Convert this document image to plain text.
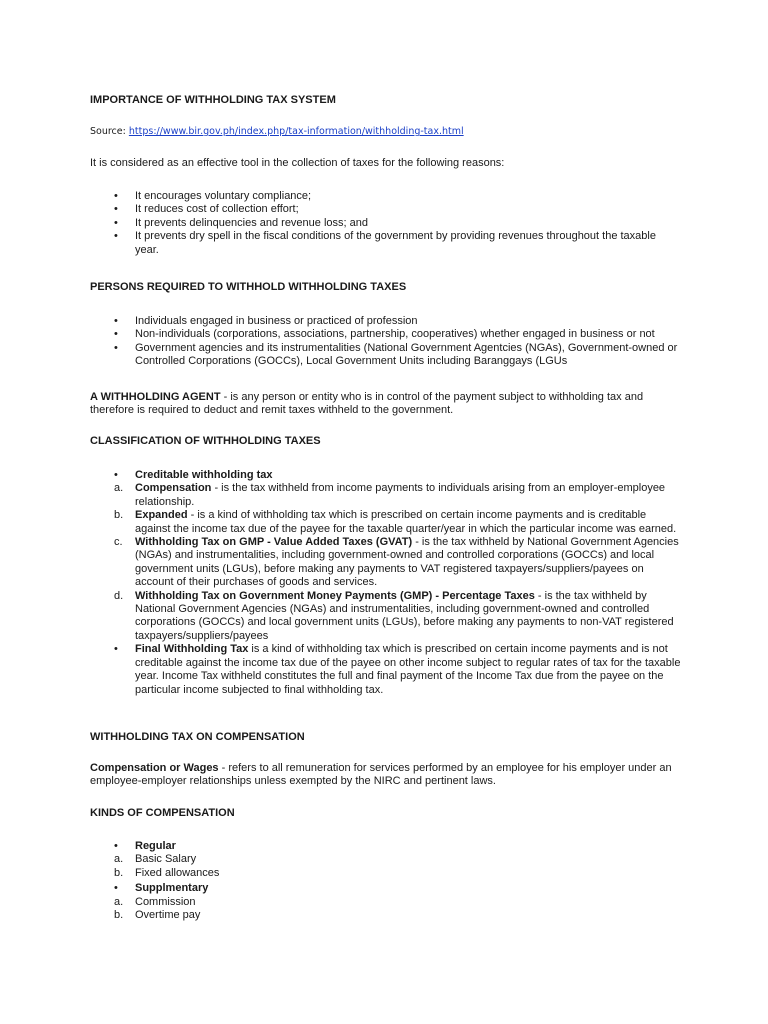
IMPORTANCE OF WITHHOLDING TAX SYSTEM

Source: https://www.bir.gov.ph/index.php/tax-information/withholding-tax.html

It is considered as an effective tool in the collection of taxes for the following reasons:

•	It encourages voluntary compliance;
•	It reduces cost of collection effort;
•	It prevents delinquencies and revenue loss; and
•	It prevents dry spell in the fiscal conditions of the government by providing revenues throughout the taxable year.
PERSONS REQUIRED TO WITHHOLD WITHHOLDING TAXES
•	Individuals engaged in business or practiced of profession
•	Non-individuals (corporations, associations, partnership, cooperatives) whether engaged in business or not
•	Government agencies and its instrumentalities (National Government Agentcies (NGAs), Government-owned or Controlled Corporations (GOCCs), Local Government Units including Baranggays (LGUs

A WITHHOLDING AGENT - is any person or entity who is in control of the payment subject to withholding tax and therefore is required to deduct and remit taxes withheld to the government.

CLASSIFICATION OF WITHHOLDING TAXES
•	Creditable withholding tax
a.	Compensation - is the tax withheld from income payments to individuals arising from an employer-employee relationship.
b.	Expanded - is a kind of withholding tax which is prescribed on certain income payments and is creditable against the income tax due of the payee for the taxable quarter/year in which the particular income was earned.
c.	Withholding Tax on GMP - Value Added Taxes (GVAT) - is the tax withheld by National Government Agencies (NGAs) and instrumentalities, including government-owned and controlled corporations (GOCCs) and local government units (LGUs), before making any payments to VAT registered taxpayers/suppliers/payees on account of their purchases of goods and services.
d.	Withholding Tax on Government Money Payments (GMP) - Percentage Taxes - is the tax withheld by National Government Agencies (NGAs) and instrumentalities, including government-owned and controlled corporations (GOCCs) and local government units (LGUs), before making any payments to non-VAT registered taxpayers/suppliers/payees
•	Final Withholding Tax is a kind of withholding tax which is prescribed on certain income payments and is not creditable against the income tax due of the payee on other income subject to regular rates of tax for the taxable year. Income Tax withheld constitutes the full and final payment of the Income Tax due from the payee on the particular income subjected to final withholding tax.
WITHHOLDING TAX ON COMPENSATION

Compensation or Wages - refers to all remuneration for services performed by an employee for his employer under an employee-employer relationships unless exempted by the NIRC and pertinent laws.

KINDS OF COMPENSATION
•	Regular
a.	Basic Salary
b.	Fixed allowances
•	Supplmentary
a.	Commission
b.	Overtime pay
